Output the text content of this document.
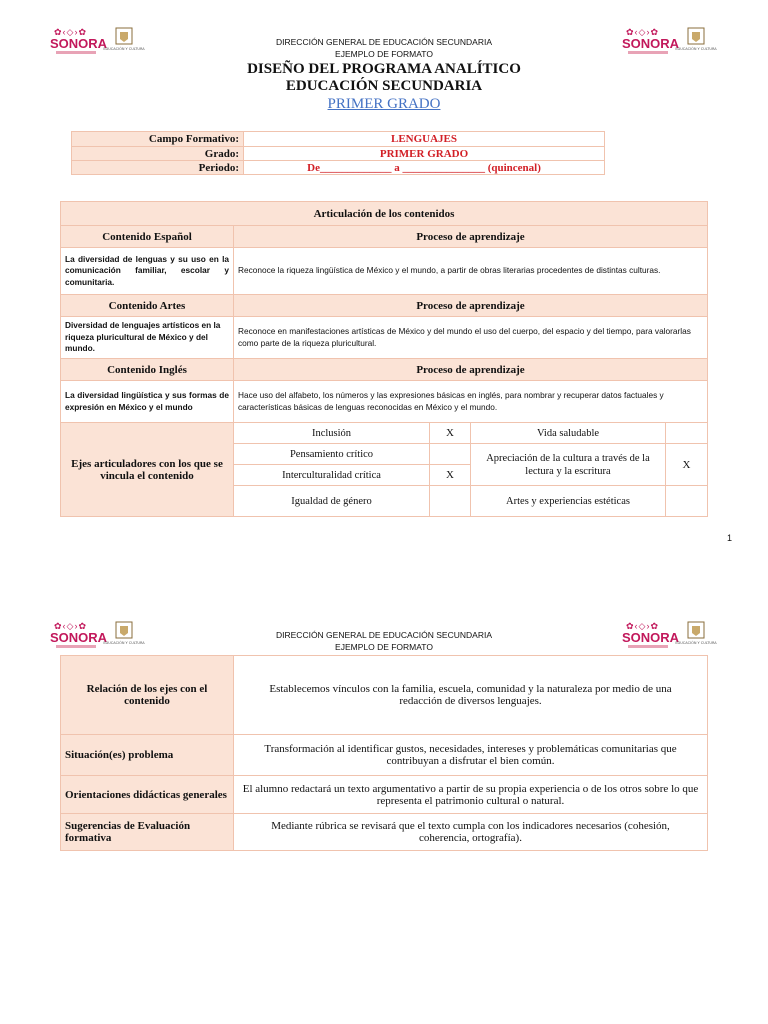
✿‹◇›✿
SONORA
EDUCACIÓN Y CULTURA
✿‹◇›✿
SONORA
EDUCACIÓN Y CULTURA
DIRECCIÓN GENERAL DE EDUCACIÓN SECUNDARIA
EJEMPLO DE FORMATO
DISEÑO DEL PROGRAMA ANALÍTICO
EDUCACIÓN SECUNDARIA
PRIMER GRADO
Campo Formativo:	LENGUAJES
Grado:	PRIMER GRADO
Periodo:	De_____________ a _______________ (quincenal)
Articulación de los contenidos				
Contenido Español	Proceso de aprendizaje			
La diversidad de lenguas y su uso en la comunicación familiar, escolar y comunitaria.	Reconoce la riqueza lingüística de México y el mundo, a partir de obras literarias procedentes de distintas culturas.			
Contenido Artes	Proceso de aprendizaje			
Diversidad de lenguajes artísticos en la riqueza pluricultural de México y del mundo.	Reconoce en manifestaciones artísticas de México y del mundo el uso del cuerpo, del espacio y del tiempo, para valorarlas como parte de la riqueza pluricultural.			
Contenido Inglés	Proceso de aprendizaje			
La diversidad lingüística y sus formas de expresión en México y el mundo	Hace uso del alfabeto, los números y las expresiones básicas en inglés, para nombrar y recuperar datos factuales y características básicas de lenguas reconocidas en México y el mundo.			
Ejes articuladores con los que se vincula el contenido	Inclusión	X	Vida saludable	
	Pensamiento crítico		Apreciación de la cultura a través de la lectura y la escritura	X
	Interculturalidad crítica	X		
	Igualdad de género		Artes y experiencias estéticas	
1
✿‹◇›✿
SONORA
EDUCACIÓN Y CULTURA
✿‹◇›✿
SONORA
EDUCACIÓN Y CULTURA
DIRECCIÓN GENERAL DE EDUCACIÓN SECUNDARIA
EJEMPLO DE FORMATO
Relación de los ejes con el contenido	Establecemos vínculos con la familia, escuela, comunidad y la naturaleza por medio de una redacción de diversos lenguajes.
Situación(es) problema	Transformación al identificar gustos, necesidades, intereses y problemáticas comunitarias que contribuyan a disfrutar el bien común.
Orientaciones didácticas generales	El alumno redactará un texto argumentativo a partir de su propia experiencia o de los otros sobre lo que representa el patrimonio cultural o natural.
Sugerencias de Evaluación formativa	Mediante rúbrica se revisará que el texto cumpla con los indicadores necesarios (cohesión, coherencia, ortografía).
